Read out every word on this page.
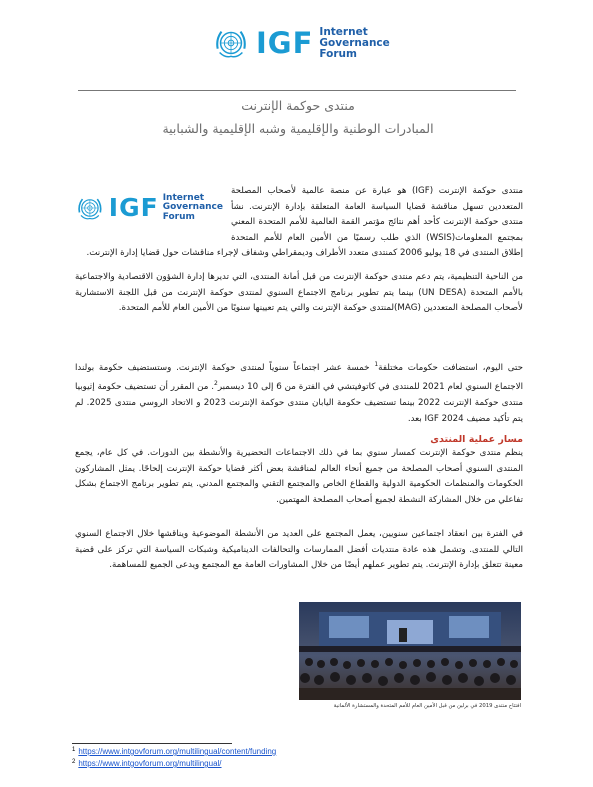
IGF Internet
Governance
Forum
منتدى حوكمة الإنترنت
المبادرات الوطنية والإقليمية وشبه الإقليمية والشبابية
IGF Internet
Governance
Forum
منتدى حوكمة الإنترنت (IGF) هو عبارة عن منصة عالمية لأصحاب المصلحة المتعددين تسهل مناقشة قضايا السياسة العامة المتعلقة بإدارة الإنترنت. نشأ منتدى حوكمة الإنترنت كأحد أهم نتائج مؤتمر القمة العالمية للأمم المتحدة المعني بمجتمع المعلومات(WSIS) الذي طلب رسميًا من الأمين العام للأمم المتحدة إطلاق المنتدى في 18 يوليو 2006 كمنتدى متعدد الأطراف وديمقراطي وشفاف لإجراء مناقشات حول قضايا إدارة الإنترنت.
من الناحية التنظيمية، يتم دعم منتدى حوكمة الإنترنت من قبل أمانة المنتدى، التي تديرها إدارة الشؤون الاقتصادية والاجتماعية بالأمم المتحدة (UN DESA) بينما يتم تطوير برنامج الاجتماع السنوي لمنتدى حوكمة الإنترنت من قبل اللجنة الاستشارية لأصحاب المصلحة المتعددين (MAG)لمنتدى حوكمة الإنترنت والتي يتم تعيينها سنويًا من الأمين العام للأمم المتحدة.
حتى اليوم، استضافت حكومات مختلفة$^1$ خمسة عشر اجتماعاً سنوياً لمنتدى حوكمة الإنترنت. وستستضيف حكومة بولندا الاجتماع السنوي لعام 2021 للمنتدى في كاتوفيتشي في الفترة من 6 إلى 10 ديسمبر$^2$. من المقرر أن تستضيف حكومة إثيوبيا منتدى حوكمة الإنترنت 2022 بينما تستضيف حكومة اليابان منتدى حوكمة الإنترنت 2023 و الاتحاد الروسي منتدى 2025. لم يتم تأكيد مضيف IGF 2024 بعد.
مسار عملية المنتدى
ينظم منتدى حوكمة الإنترنت كمسار سنوي بما في ذلك الاجتماعات التحضيرية والأنشطة بين الدورات. في كل عام، يجمع المنتدى السنوي أصحاب المصلحة من جميع أنحاء العالم لمناقشة بعض أكثر قضايا حوكمة الإنترنت إلحاحًا. يمثل المشاركون الحكومات والمنظمات الحكومية الدولية والقطاع الخاص والمجتمع التقني والمجتمع المدني. يتم تطوير برنامج الاجتماع بشكل تفاعلي من خلال المشاركة النشطة لجميع أصحاب المصلحة المهتمين.
في الفترة بين انعقاد اجتماعين سنويين، يعمل المجتمع على العديد من الأنشطة الموضوعية ويناقشها خلال الاجتماع السنوي التالي للمنتدى. وتشمل هذه عادة منتديات أفضل الممارسات والتحالفات الديناميكية وشبكات السياسة التي تركز على قضية معينة تتعلق بإدارة الإنترنت. يتم تطوير عملهم أيضًا من خلال المشاورات العامة مع المجتمع ويدعى الجميع للمساهمة.
افتتاح منتدى 2019 في برلين من قبل الأمين العام للأمم المتحدة والمستشارة الألمانية
$^1$ https://www.intgovforum.org/multilingual/content/funding
$^2$ https://www.intgovforum.org/multilingual/
